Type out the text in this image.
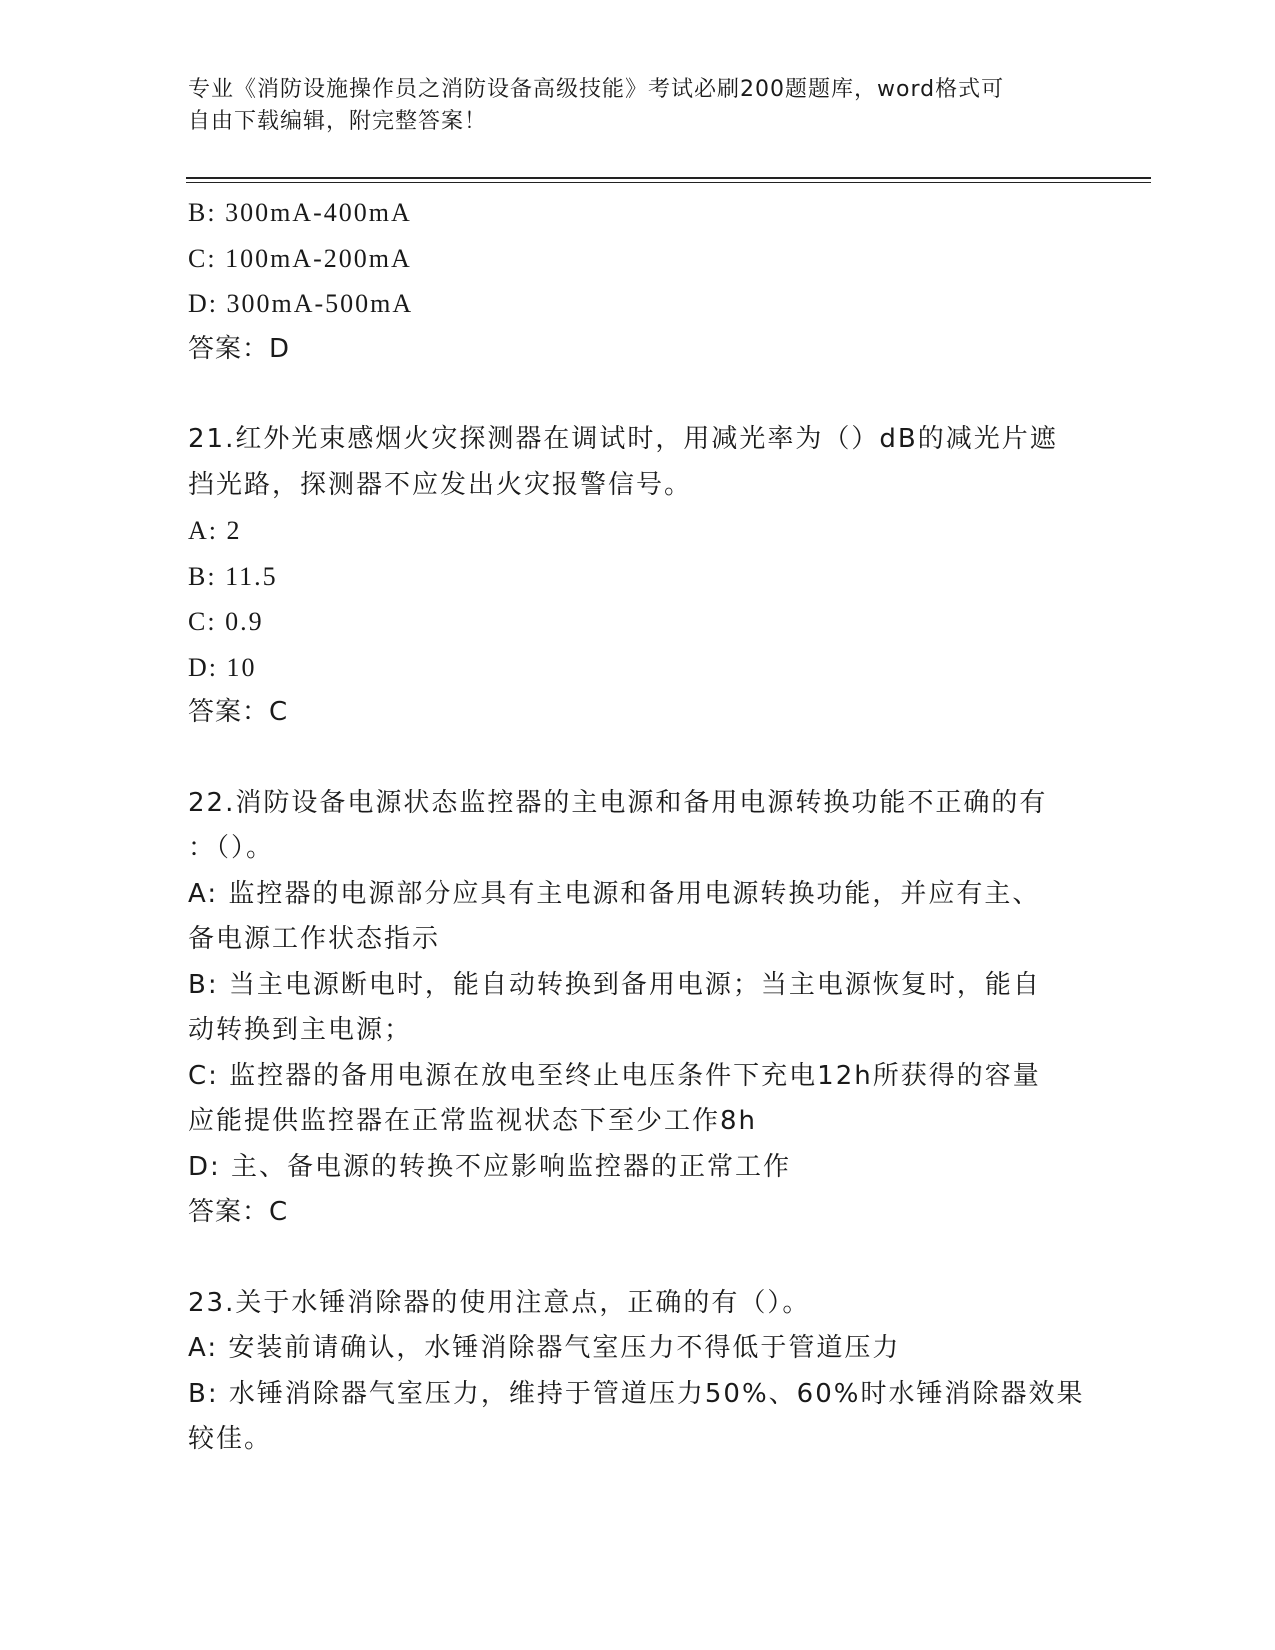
专业《消防设施操作员之消防设备高级技能》考试必刷200题题库，word格式可
自由下载编辑，附完整答案！
B: 300mA-400mA
C: 100mA-200mA
D: 300mA-500mA
答案：D
21.红外光束感烟火灾探测器在调试时，用减光率为（）dB的减光片遮
挡光路，探测器不应发出火灾报警信号。
A: 2
B: 11.5
C: 0.9
D: 10
答案：C
22.消防设备电源状态监控器的主电源和备用电源转换功能不正确的有
：（）。
A: 监控器的电源部分应具有主电源和备用电源转换功能，并应有主、
备电源工作状态指示
B: 当主电源断电时，能自动转换到备用电源；当主电源恢复时，能自
动转换到主电源；
C: 监控器的备用电源在放电至终止电压条件下充电12h所获得的容量
应能提供监控器在正常监视状态下至少工作8h
D: 主、备电源的转换不应影响监控器的正常工作
答案：C
23.关于水锤消除器的使用注意点，正确的有（）。
A: 安装前请确认，水锤消除器气室压力不得低于管道压力
B: 水锤消除器气室压力，维持于管道压力50%、60%时水锤消除器效果
较佳。
